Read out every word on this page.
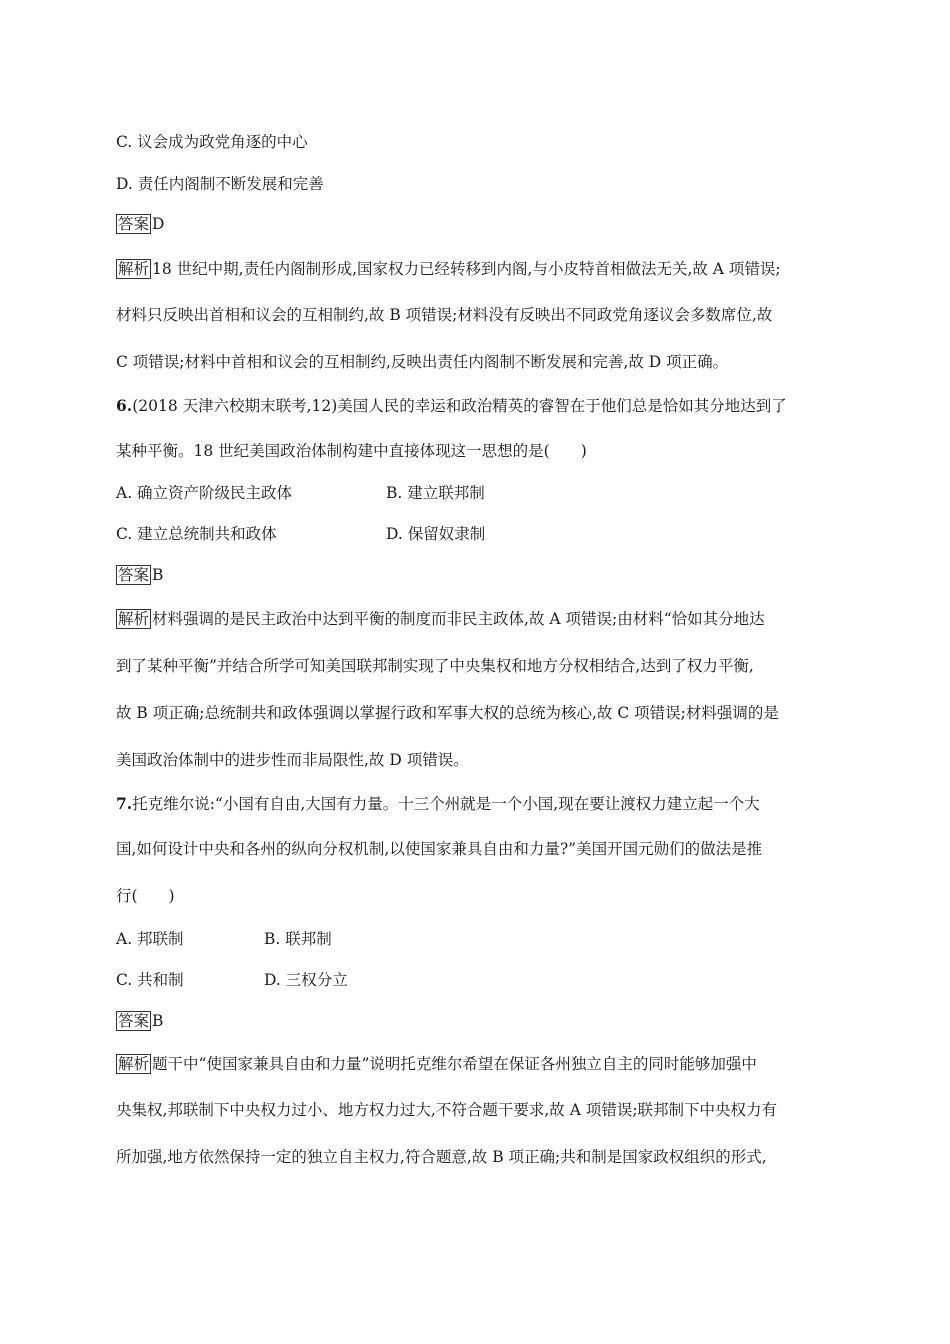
C. 议会成为政党角逐的中心
D. 责任内阁制不断发展和完善
答案 D
解析 18 世纪中期,责任内阁制形成,国家权力已经转移到内阁,与小皮特首相做法无关,故 A 项错误;
材料只反映出首相和议会的互相制约,故 B 项错误;材料没有反映出不同政党角逐议会多数席位,故
C 项错误;材料中首相和议会的互相制约,反映出责任内阁制不断发展和完善,故 D 项正确。
6.(2018 天津六校期末联考,12)美国人民的幸运和政治精英的睿智在于他们总是恰如其分地达到了
某种平衡。18 世纪美国政治体制构建中直接体现这一思想的是(　　)
A. 确立资产阶级民主政体	B. 建立联邦制
C. 建立总统制共和政体	D. 保留奴隶制
答案 B
解析 材料强调的是民主政治中达到平衡的制度而非民主政体,故 A 项错误;由材料“恰如其分地达
到了某种平衡”并结合所学可知美国联邦制实现了中央集权和地方分权相结合,达到了权力平衡,
故 B 项正确;总统制共和政体强调以掌握行政和军事大权的总统为核心,故 C 项错误;材料强调的是
美国政治体制中的进步性而非局限性,故 D 项错误。
7.托克维尔说:“小国有自由,大国有力量。十三个州就是一个小国,现在要让渡权力建立起一个大
国,如何设计中央和各州的纵向分权机制,以使国家兼具自由和力量?”美国开国元勋们的做法是推
行(　　)
A. 邦联制	B. 联邦制
C. 共和制	D. 三权分立
答案 B
解析 题干中“使国家兼具自由和力量”说明托克维尔希望在保证各州独立自主的同时能够加强中
央集权,邦联制下中央权力过小、地方权力过大,不符合题干要求,故 A 项错误;联邦制下中央权力有
所加强,地方依然保持一定的独立自主权力,符合题意,故 B 项正确;共和制是国家政权组织的形式,
